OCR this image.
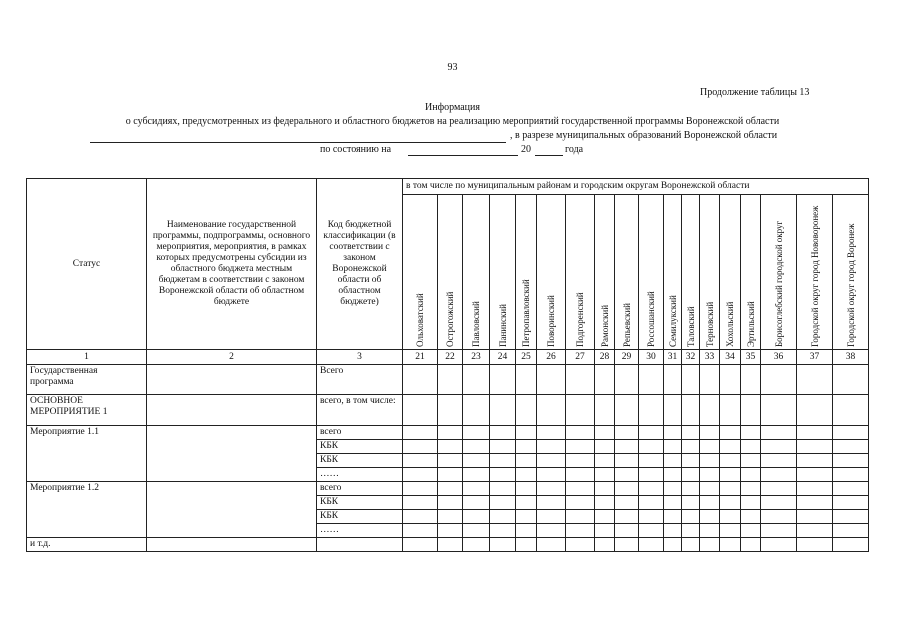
93
Продолжение таблицы 13
Информация
о субсидиях, предусмотренных из федерального и областного бюджетов на реализацию мероприятий государственной программы Воронежской области
, в разрезе муниципальных образований Воронежской области
по состоянию на	20	года
Статус	Наименование государственной программы, подпрограммы, основного мероприятия, мероприятия, в рамках которых предусмотрены субсидии из областного бюджета местным бюджетам в соответствии с законом Воронежской области об областном бюджете	Код бюджетной классификации (в соответствии с законом Воронежской области об областном бюджете)	в том числе по муниципальным районам и городским округам Воронежской области																	

			Ольховатский	Острогожский	Павловский	Панинский	Петропавловский	Поворинский	Подгоренский	Рамонский	Репьевский	Россошанский	Семилукский	Таловский	Терновский	Хохольский	Эртильский	Борисоглебский городской округ	Городской округ город Нововоронеж	Городской округ город Воронеж

1	2	3	21	22	23	24	25	26	27	28	29	30	31	32	33	34	35	36	37	38
Государственная программа		Всего																		
ОСНОВНОЕ МЕРОПРИЯТИЕ 1		всего, в том числе:																		
Мероприятие 1.1		всего																		
		КБК																		
		КБК																		
		……																		
Мероприятие 1.2		всего																		
		КБК																		
		КБК																		
		……																		
и т.д.																				
